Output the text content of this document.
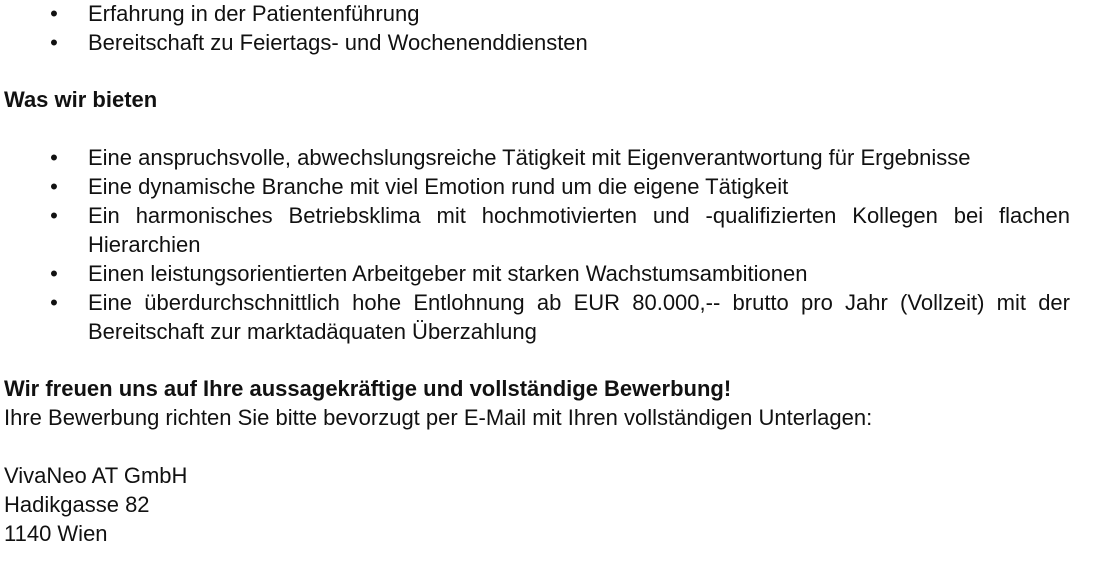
• Erfahrung in der Patientenführung
• Bereitschaft zu Feiertags- und Wochenenddiensten

Was wir bieten

• Eine anspruchsvolle, abwechslungsreiche Tätigkeit mit Eigenverantwortung für Ergebnisse
• Eine dynamische Branche mit viel Emotion rund um die eigene Tätigkeit
• Ein harmonisches Betriebsklima mit hochmotivierten und -qualifizierten Kollegen bei flachen Hierarchien
• Einen leistungsorientierten Arbeitgeber mit starken Wachstumsambitionen
• Eine überdurchschnittlich hohe Entlohnung ab EUR 80.000,-- brutto pro Jahr (Vollzeit) mit der Bereitschaft zur marktadäquaten Überzahlung

Wir freuen uns auf Ihre aussagekräftige und vollständige Bewerbung!

Ihre Bewerbung richten Sie bitte bevorzugt per E-Mail mit Ihren vollständigen Unterlagen:

VivaNeo AT GmbH

Hadikgasse 82

1140 Wien
